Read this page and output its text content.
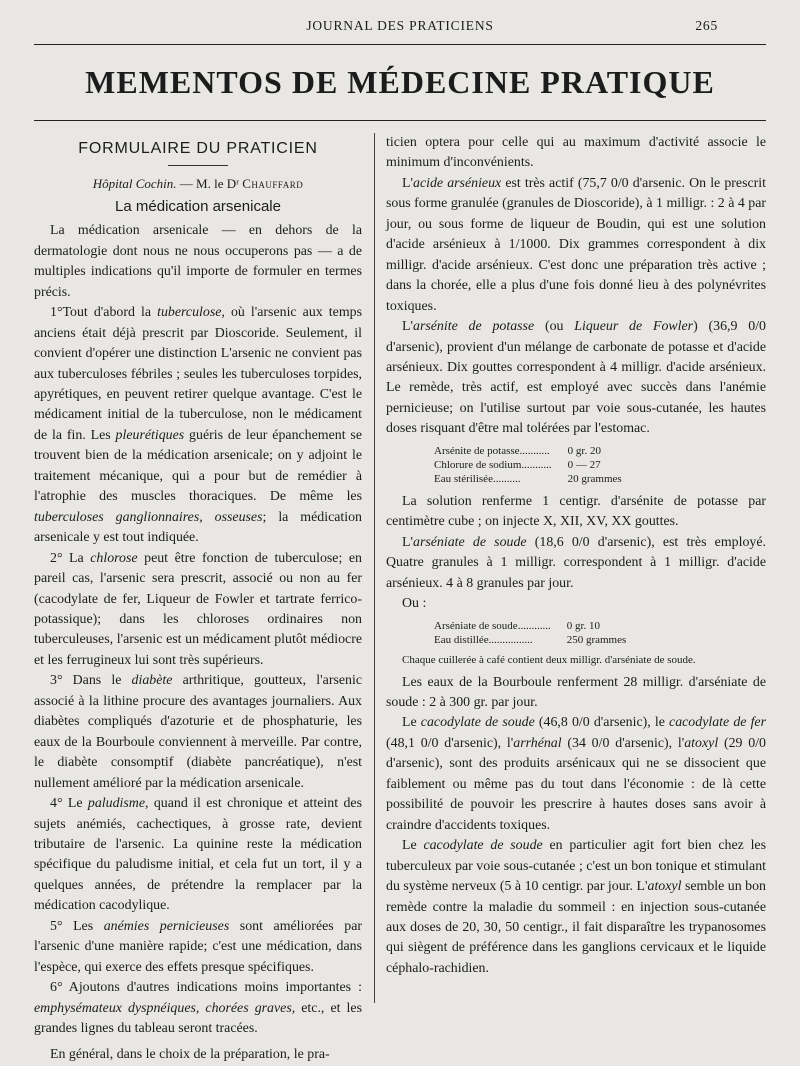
JOURNAL DES PRATICIENS	265
MEMENTOS DE MÉDECINE PRATIQUE
FORMULAIRE DU PRATICIEN
Hôpital Cochin. — M. le Dʳ Chauffard
La médication arsenicale

La médication arsenicale — en dehors de la dermatologie dont nous ne nous occuperons pas — a de multiples indications qu'il importe de formuler en termes précis.

1°Tout d'abord la tuberculose, où l'arsenic aux temps anciens était déjà prescrit par Dioscoride. Seulement, il convient d'opérer une distinction L'arsenic ne convient pas aux tuberculoses fébriles ; seules les tuberculoses torpides, apyrétiques, en peuvent retirer quelque avantage. C'est le médicament initial de la tuberculose, non le médicament de la fin. Les pleurétiques guéris de leur épanchement se trouvent bien de la médication arsenicale; on y adjoint le traitement mécanique, qui a pour but de remédier à l'atrophie des muscles thoraciques. De même les tuberculoses ganglionnaires, osseuses; la médication arsenicale y est tout indiquée.

2° La chlorose peut être fonction de tuberculose; en pareil cas, l'arsenic sera prescrit, associé ou non au fer (cacodylate de fer, Liqueur de Fowler et tartrate ferrico-potassique); dans les chloroses ordinaires non tuberculeuses, l'arsenic est un médicament plutôt médiocre et les ferrugineux lui sont très supérieurs.

3° Dans le diabète arthritique, goutteux, l'arsenic associé à la lithine procure des avantages journaliers. Aux diabètes compliqués d'azoturie et de phosphaturie, les eaux de la Bourboule conviennent à merveille. Par contre, le diabète consomptif (diabète pancréatique), n'est nullement amélioré par la médication arsenicale.

4° Le paludisme, quand il est chronique et atteint des sujets anémiés, cachectiques, à grosse rate, devient tributaire de l'arsenic. La quinine reste la médication spécifique du paludisme initial, et cela fut un tort, il y a quelques années, de prétendre la remplacer par la médication cacodylique.

5° Les anémies pernicieuses sont améliorées par l'arsenic d'une manière rapide; c'est une médication, dans l'espèce, qui exerce des effets presque spécifiques.

6° Ajoutons d'autres indications moins importantes : emphysémateux dyspnéiques, chorées graves, etc., et les grandes lignes du tableau seront tracées.

En général, dans le choix de la préparation, le pra-

ticien optera pour celle qui au maximum d'activité associe le minimum d'inconvénients.

L'acide arsénieux est très actif (75,7 0/0 d'arsenic. On le prescrit sous forme granulée (granules de Dioscoride), à 1 milligr. : 2 à 4 par jour, ou sous forme de liqueur de Boudin, qui est une solution d'acide arsénieux à 1/1000. Dix grammes correspondent à dix milligr. d'acide arsénieux. C'est donc une préparation très active ; dans la chorée, elle a plus d'une fois donné lieu à des polynévrites toxiques.

L'arsénite de potasse (ou Liqueur de Fowler) (36,9 0/0 d'arsenic), provient d'un mélange de carbonate de potasse et d'acide arsénieux. Dix gouttes correspondent à 4 milligr. d'acide arsénieux. Le remède, très actif, est employé avec succès dans l'anémie pernicieuse; on l'utilise surtout par voie sous-cutanée, les hautes doses risquant d'être mal tolérées par l'estomac.

Arsénite de potasse...........	0 gr. 20
Chlorure de sodium...........	0 — 27
Eau stérilisée..........	20 grammes

La solution renferme 1 centigr. d'arsénite de potasse par centimètre cube ; on injecte X, XII, XV, XX gouttes.

L'arséniate de soude (18,6 0/0 d'arsenic), est très employé. Quatre granules à 1 milligr. correspondent à 1 milligr. d'acide arsénieux. 4 à 8 granules par jour.

Ou :

Arséniate de soude............	0 gr. 10
Eau distillée................	250 grammes
Chaque cuillerée à café contient deux milligr. d'arséniate de soude.

Les eaux de la Bourboule renferment 28 milligr. d'arséniate de soude : 2 à 300 gr. par jour.

Le cacodylate de soude (46,8 0/0 d'arsenic), le cacodylate de fer (48,1 0/0 d'arsenic), l'arrhénal (34 0/0 d'arsenic), l'atoxyl (29 0/0 d'arsenic), sont des produits arsénicaux qui ne se dissocient que faiblement ou même pas du tout dans l'économie : de là cette possibilité de pouvoir les prescrire à hautes doses sans avoir à craindre d'accidents toxiques.

Le cacodylate de soude en particulier agit fort bien chez les tuberculeux par voie sous-cutanée ; c'est un bon tonique et stimulant du système nerveux (5 à 10 centigr. par jour. L'atoxyl semble un bon remède contre la maladie du sommeil : en injection sous-cutanée aux doses de 20, 30, 50 centigr., il fait disparaître les trypanosomes qui siègent de préférence dans les ganglions cervicaux et le liquide céphalo-rachidien.
